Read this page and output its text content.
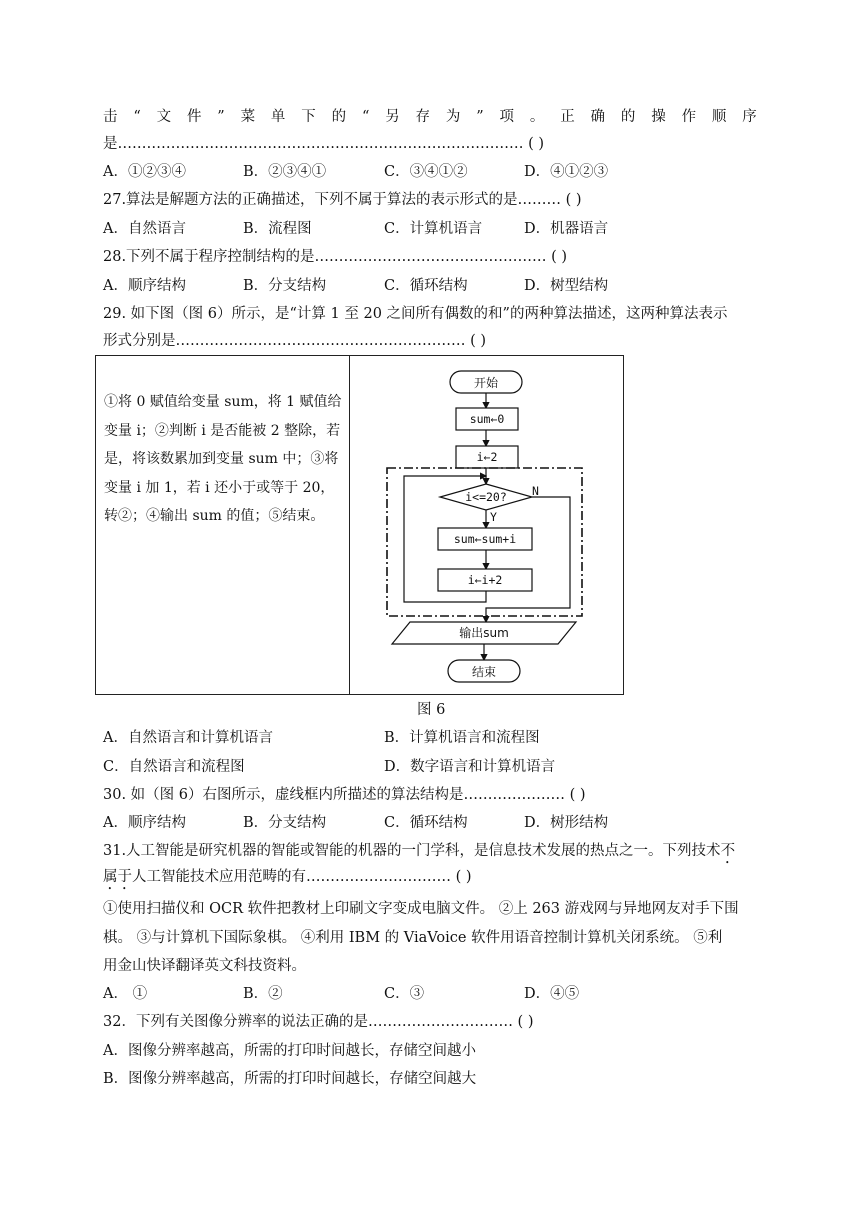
击 “ 文 件 ” 菜 单 下 的 “ 另 存 为 ” 项 。 正 确 的 操 作 顺 序
是………………………………………………………………………… ( )
A．①②③④	B．②③④①	C．③④①②	D．④①②③
27.算法是解题方法的正确描述，下列不属于算法的表示形式的是……… ( )
A．自然语言	B．流程图	C．计算机语言	D．机器语言
28.下列不属于程序控制结构的是………………………………………… ( )
A．顺序结构	B．分支结构	C．循环结构	D．树型结构
29. 如下图（图 6）所示，是“计算 1 至 20 之间所有偶数的和”的两种算法描述，这两种算法表示
形式分别是…………………………………………………… ( )
①将 0 赋值给变量 sum，将 1 赋值给变量 i；②判断 i 是否能被 2 整除，若是，将该数累加到变量 sum 中；③将变量 i 加 1，若 i 还小于或等于 20，转②；④输出 sum 的值；⑤结束。
开始
sum←0
i←2
i<=20? N
Y
sum←sum+i
i←i+2
输出sum
结束
图 6
A．自然语言和计算机语言	B．计算机语言和流程图
C．自然语言和流程图	D．数字语言和计算机语言
30. 如（图 6）右图所示，虚线框内所描述的算法结构是………………… ( )
A．顺序结构	B．分支结构	C．循环结构	D．树形结构
31.人工智能是研究机器的智能或智能的机器的一门学科，是信息技术发展的热点之一。下列技术不
属于人工智能技术应用范畴的有………………………… ( )
①使用扫描仪和 OCR 软件把教材上印刷文字变成电脑文件。 ②上 263 游戏网与异地网友对手下围
棋。 ③与计算机下国际象棋。 ④利用 IBM 的 ViaVoice 软件用语音控制计算机关闭系统。 ⑤利
用金山快译翻译英文科技资料。
A． ①	B．②	C．③	D．④⑤
32．下列有关图像分辨率的说法正确的是………………………… ( )
A．图像分辨率越高，所需的打印时间越长，存储空间越小
B．图像分辨率越高，所需的打印时间越长，存储空间越大
